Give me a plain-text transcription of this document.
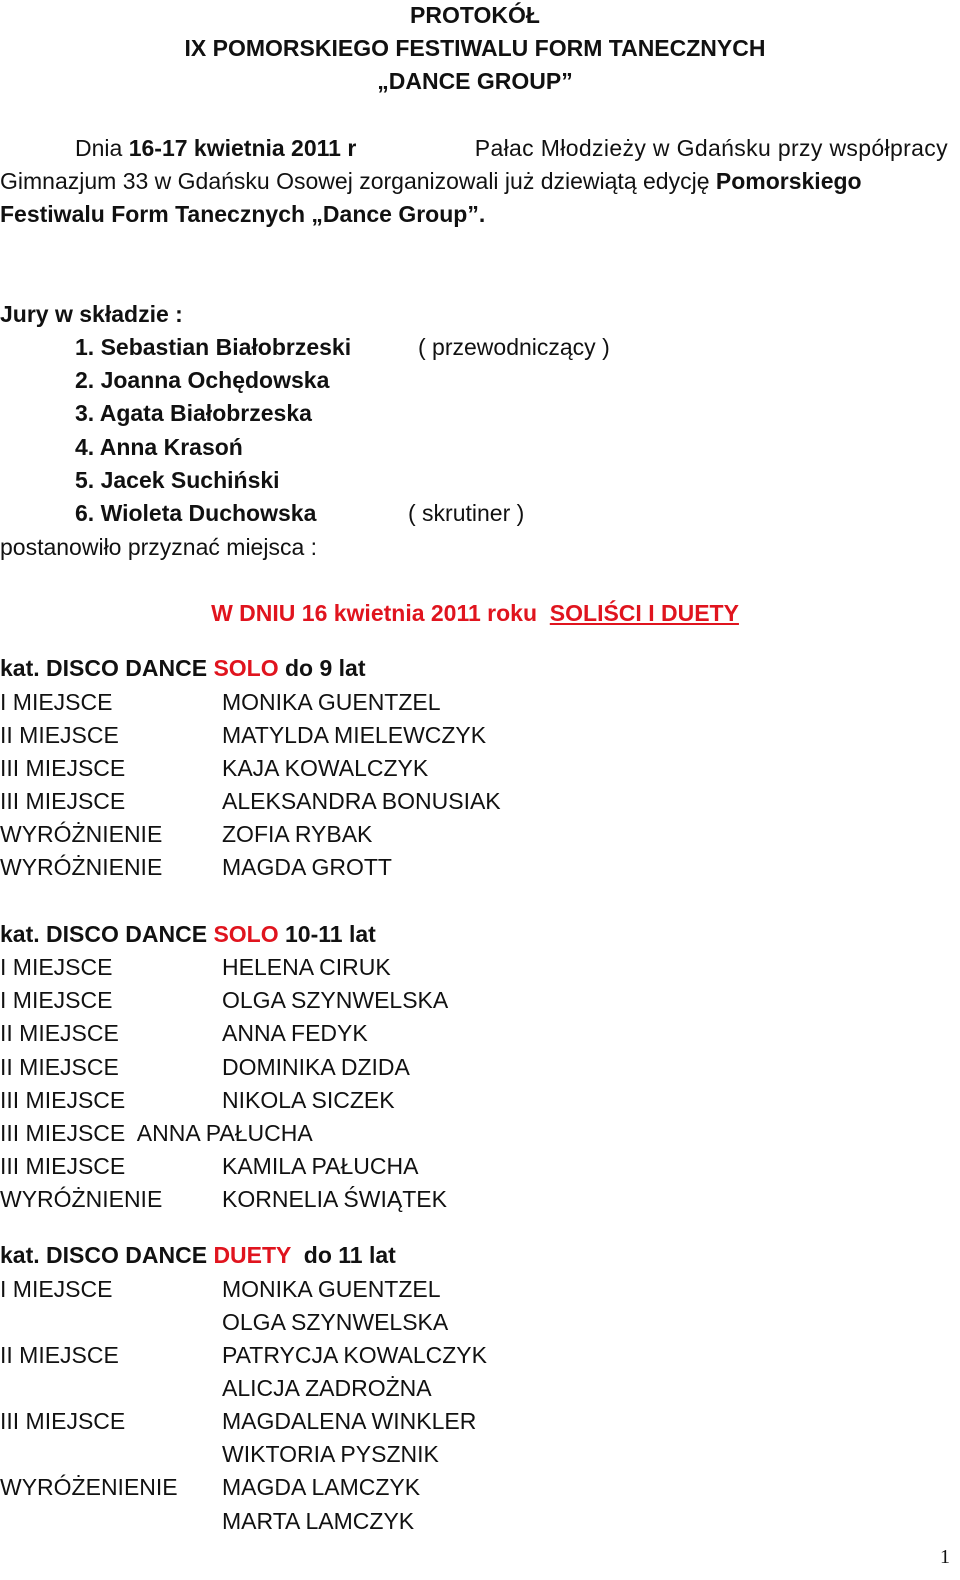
PROTOKÓŁ
IX POMORSKIEGO FESTIWALU FORM TANECZNYCH
„DANCE GROUP”
Dnia 16-17 kwietnia 2011 r	Pałac Młodzieży w Gdańsku przy współpracy
Gimnazjum 33 w Gdańsku Osowej zorganizowali już dziewiątą edycję Pomorskiego
Festiwalu Form Tanecznych „Dance Group”.
Jury w składzie :
1. Sebastian Białobrzeski	( przewodniczący )
2. Joanna Ochędowska
3. Agata Białobrzeska
4. Anna Krasoń
5. Jacek Suchiński
6. Wioleta Duchowska	( skrutiner )
postanowiło przyznać miejsca :
W DNIU 16 kwietnia 2011 roku SOLIŚCI I DUETY
kat. DISCO DANCE SOLO do 9 lat
I MIEJSCE	MONIKA GUENTZEL
II MIEJSCE	MATYLDA MIELEWCZYK
III MIEJSCE	KAJA KOWALCZYK
III MIEJSCE	ALEKSANDRA BONUSIAK
WYRÓŻNIENIE	ZOFIA RYBAK
WYRÓŻNIENIE	MAGDA GROTT
kat. DISCO DANCE SOLO 10-11 lat
I MIEJSCE	HELENA CIRUK
I MIEJSCE	OLGA SZYNWELSKA
II MIEJSCE	ANNA FEDYK
II MIEJSCE	DOMINIKA DZIDA
III MIEJSCE	NIKOLA SICZEK
III MIEJSCE  ANNA PAŁUCHA
III MIEJSCE	KAMILA PAŁUCHA
WYRÓŻNIENIE	KORNELIA ŚWIĄTEK
kat. DISCO DANCE DUETY  do 11 lat
I MIEJSCE	MONIKA GUENTZEL
OLGA SZYNWELSKA
II MIEJSCE	PATRYCJA KOWALCZYK
ALICJA ZADROŻNA
III MIEJSCE	MAGDALENA WINKLER
WIKTORIA PYSZNIK
WYRÓŻENIENIE MAGDA LAMCZYK
MARTA LAMCZYK
1
